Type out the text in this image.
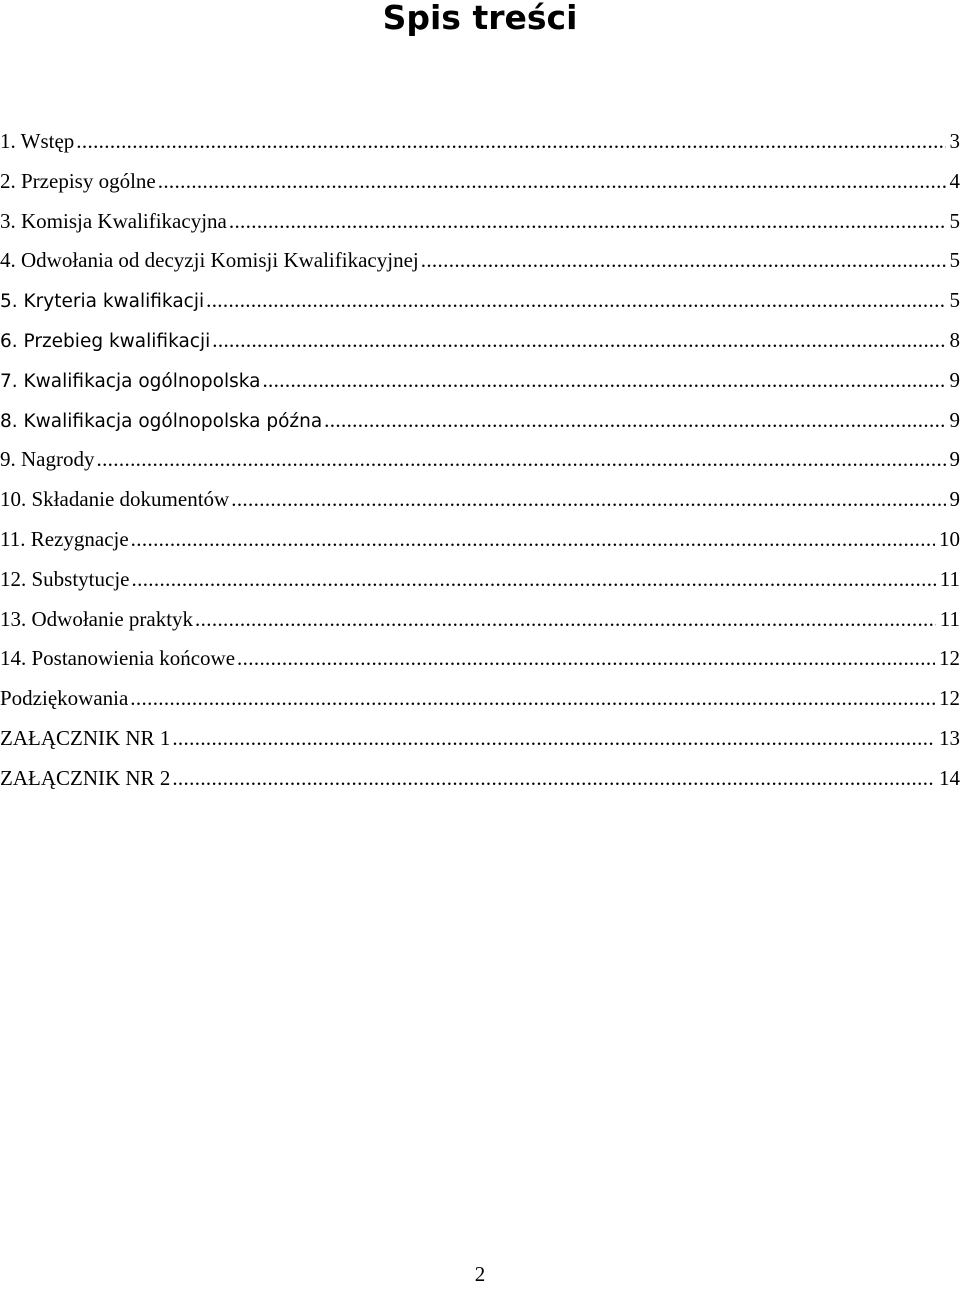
Spis treści
1. Wstęp .....	3
2. Przepisy ogólne .....	4
3. Komisja Kwalifikacyjna .....	5
4. Odwołania od decyzji Komisji Kwalifikacyjnej .....	5
5. Kryteria kwalifikacji .....	5
6. Przebieg kwalifikacji .....	8
7. Kwalifikacja ogólnopolska .....	9
8. Kwalifikacja ogólnopolska późna .....	9
9. Nagrody .....	9
10. Składanie dokumentów .....	9
11. Rezygnacje .....	10
12. Substytucje .....	11
13. Odwołanie praktyk .....	11
14. Postanowienia końcowe .....	12
Podziękowania .....	12
ZAŁĄCZNIK NR 1 .....	13
ZAŁĄCZNIK NR 2 .....	14
2
